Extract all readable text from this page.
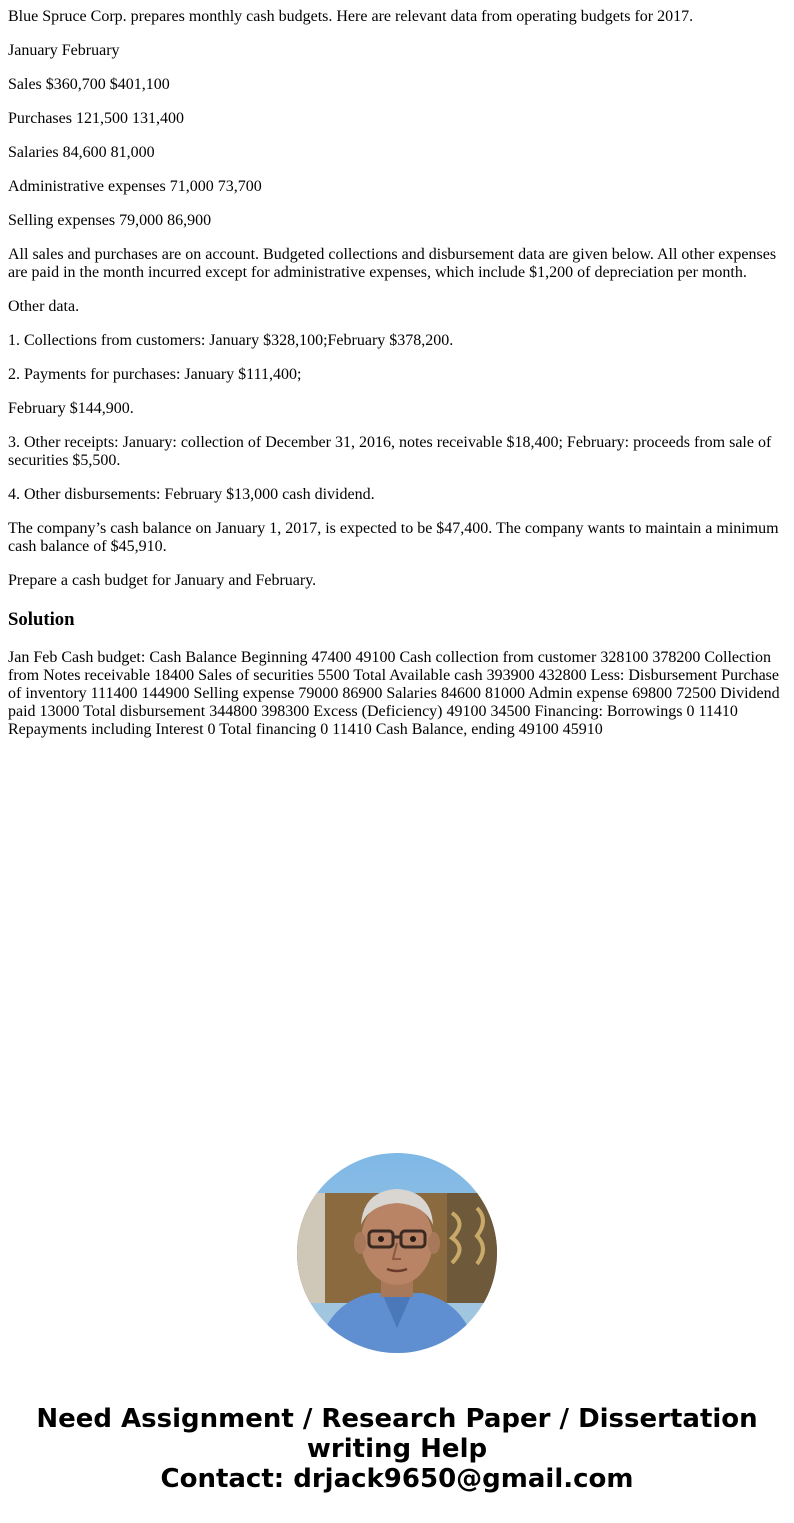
Blue Spruce Corp. prepares monthly cash budgets. Here are relevant data from operating budgets for 2017.

January February

Sales $360,700 $401,100

Purchases 121,500 131,400

Salaries 84,600 81,000

Administrative expenses 71,000 73,700

Selling expenses 79,000 86,900

All sales and purchases are on account. Budgeted collections and disbursement data are given below. All other expenses are paid in the month incurred except for administrative expenses, which include $1,200 of depreciation per month.

Other data.

1. Collections from customers: January $328,100;February $378,200.

2. Payments for purchases: January $111,400;

February $144,900.

3. Other receipts: January: collection of December 31, 2016, notes receivable $18,400; February: proceeds from sale of securities $5,500.

4. Other disbursements: February $13,000 cash dividend.

The company’s cash balance on January 1, 2017, is expected to be $47,400. The company wants to maintain a minimum cash balance of $45,910.

Prepare a cash budget for January and February.

Solution

Jan Feb Cash budget: Cash Balance Beginning 47400 49100 Cash collection from customer 328100 378200 Collection from Notes receivable 18400 Sales of securities 5500 Total Available cash 393900 432800 Less: Disbursement Purchase of inventory 111400 144900 Selling expense 79000 86900 Salaries 84600 81000 Admin expense 69800 72500 Dividend paid 13000 Total disbursement 344800 398300 Excess (Deficiency) 49100 34500 Financing: Borrowings 0 11410 Repayments including Interest 0 Total financing 0 11410 Cash Balance, ending 49100 45910

Need Assignment / Research Paper / Dissertation
writing Help
Contact: drjack9650@gmail.com
